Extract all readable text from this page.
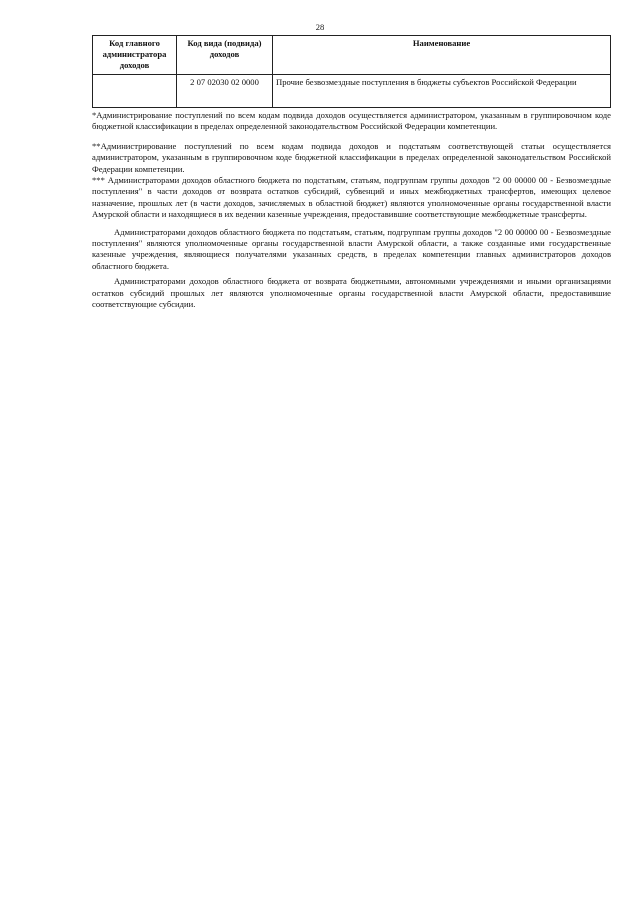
28
Код главного администратора доходов	Код вида (подвида) доходов	Наименование
	2 07 02030 02 0000	Прочие безвозмездные поступления в бюджеты субъектов Российской Федерации

*Администрирование поступлений по всем кодам подвида доходов осуществляется администратором, указанным в группировочном коде бюджетной классификации в пределах определенной законодательством Российской Федерации компетенции.

**Администрирование поступлений по всем кодам подвида доходов и подстатьям соответствующей статьи осуществляется администратором, указанным в группировочном коде бюджетной классификации в пределах определенной законодательством Российской Федерации компетенции.

*** Администраторами доходов областного бюджета по подстатьям, статьям, подгруппам группы доходов "2 00 00000 00 - Безвозмездные поступления" в части доходов от возврата остатков субсидий, субвенций и иных межбюджетных трансфертов, имеющих целевое назначение, прошлых лет (в части доходов, зачисляемых в областной бюджет) являются уполномоченные органы государственной власти Амурской области и находящиеся в их ведении казенные учреждения, предоставившие соответствующие межбюджетные трансферты.

Администраторами доходов областного бюджета по подстатьям, статьям, подгруппам группы доходов "2 00 00000 00 - Безвозмездные поступления" являются уполномоченные органы государственной власти Амурской области, а также созданные ими государственные казенные учреждения, являющиеся получателями указанных средств, в пределах компетенции главных администраторов доходов областного бюджета.

Администраторами доходов областного бюджета от возврата бюджетными, автономными учреждениями и иными организациями остатков субсидий прошлых лет являются уполномоченные органы государственной власти Амурской области, предоставившие соответствующие субсидии.
